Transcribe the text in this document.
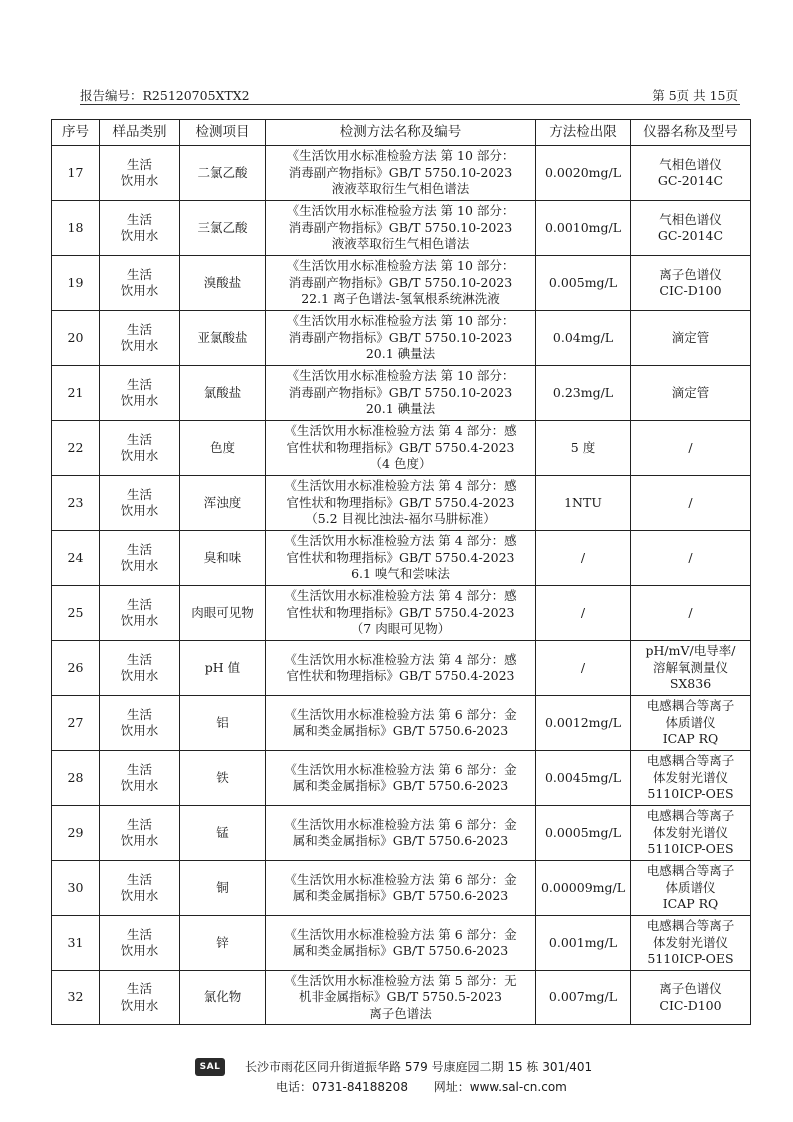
报告编号：R25120705XTX2	第 5页 共 15页
序号	样品类别	检测项目	检测方法名称及编号	方法检出限	仪器名称及型号
17	生活
饮用水	二氯乙酸	《生活饮用水标准检验方法 第 10 部分：
消毒副产物指标》GB/T 5750.10-2023
液液萃取衍生气相色谱法	0.0020mg/L	气相色谱仪
GC-2014C

18	生活
饮用水	三氯乙酸	《生活饮用水标准检验方法 第 10 部分：
消毒副产物指标》GB/T 5750.10-2023
液液萃取衍生气相色谱法	0.0010mg/L	气相色谱仪
GC-2014C

19	生活
饮用水	溴酸盐	《生活饮用水标准检验方法 第 10 部分：
消毒副产物指标》GB/T 5750.10-2023
22.1 离子色谱法-氢氧根系统淋洗液	0.005mg/L	离子色谱仪
CIC-D100

20	生活
饮用水	亚氯酸盐	《生活饮用水标准检验方法 第 10 部分：
消毒副产物指标》GB/T 5750.10-2023
20.1 碘量法	0.04mg/L	滴定管

21	生活
饮用水	氯酸盐	《生活饮用水标准检验方法 第 10 部分：
消毒副产物指标》GB/T 5750.10-2023
20.1 碘量法	0.23mg/L	滴定管

22	生活
饮用水	色度	《生活饮用水标准检验方法 第 4 部分：感
官性状和物理指标》GB/T 5750.4-2023
（4 色度）	5 度	/

23	生活
饮用水	浑浊度	《生活饮用水标准检验方法 第 4 部分：感
官性状和物理指标》GB/T 5750.4-2023
（5.2 目视比浊法-福尔马肼标准）	1NTU	/

24	生活
饮用水	臭和味	《生活饮用水标准检验方法 第 4 部分：感
官性状和物理指标》GB/T 5750.4-2023
6.1 嗅气和尝味法	/	/

25	生活
饮用水	肉眼可见物	《生活饮用水标准检验方法 第 4 部分：感
官性状和物理指标》GB/T 5750.4-2023
（7 肉眼可见物）	/	/

26	生活
饮用水	pH 值	《生活饮用水标准检验方法 第 4 部分：感
官性状和物理指标》GB/T 5750.4-2023	/	pH/mV/电导率/
溶解氧测量仪
SX836

27	生活
饮用水	铝	《生活饮用水标准检验方法 第 6 部分：金
属和类金属指标》GB/T 5750.6-2023	0.0012mg/L	电感耦合等离子
体质谱仪
ICAP RQ

28	生活
饮用水	铁	《生活饮用水标准检验方法 第 6 部分：金
属和类金属指标》GB/T 5750.6-2023	0.0045mg/L	电感耦合等离子
体发射光谱仪
5110ICP-OES

29	生活
饮用水	锰	《生活饮用水标准检验方法 第 6 部分：金
属和类金属指标》GB/T 5750.6-2023	0.0005mg/L	电感耦合等离子
体发射光谱仪
5110ICP-OES

30	生活
饮用水	铜	《生活饮用水标准检验方法 第 6 部分：金
属和类金属指标》GB/T 5750.6-2023	0.00009mg/L	电感耦合等离子
体质谱仪
ICAP RQ

31	生活
饮用水	锌	《生活饮用水标准检验方法 第 6 部分：金
属和类金属指标》GB/T 5750.6-2023	0.001mg/L	电感耦合等离子
体发射光谱仪
5110ICP-OES

32	生活
饮用水	氯化物	《生活饮用水标准检验方法 第 5 部分：无
机非金属指标》GB/T 5750.5-2023
离子色谱法	0.007mg/L	离子色谱仪
CIC-D100
SAL	长沙市雨花区同升街道振华路 579 号康庭园二期 15 栋 301/401
电话：0731-84188208 网址：www.sal-cn.com
